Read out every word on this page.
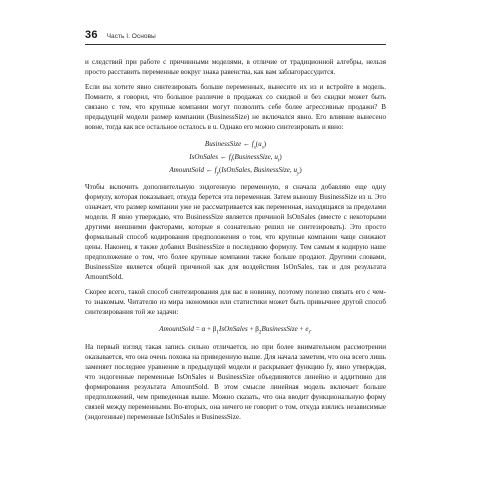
36 Часть I. Основы

и следствий при работе с причинными моделями, в отличие от традиционной алгебры, нельзя просто расставить переменные вокруг знака равенства, как вам заблагорассудится.

Если вы хотите явно синтезировать больше переменных, вынесите их из и встройте в модель. Помните, я говорил, что большое различие в продажах со скидкой и без скидки может быть связано с тем, что крупные компании могут позволить себе более агрессивные продажи? В предыдущей модели размер компании (BusinessSize) не включался явно. Его влияние вынесено вовне, тогда как все остальное осталось в u. Однако его можно синтезировать и явно:

BusinessSize ← $f_s(u_s)$
IsOnSales ← $f_t(BusinessSize$, $u_t$)
AmountSold ← $f_y(IsOnSales$, BusinessSize, $u_y$)

Чтобы включить дополнительную эндогенную переменную, я сначала добавляю еще одну формулу, которая показывает, откуда берется эта переменная. Затем выношу BusinessSize из u. Это означает, что размер компании уже не рассматривается как переменная, находящаяся за пределами модели. Я явно утверждаю, что BusinessSize является причиной IsOnSales (вместе с некоторыми другими внешними факторами, которые я сознательно решил не синтезировать). Это просто формальный способ кодирования предположения о том, что крупные компании чаще снижают цены. Наконец, я также добавил BusinessSize в последнюю формулу. Тем самым я кодирую наше предположение о том, что более крупные компании также больше продают. Другими словами, BusinessSize является общей причиной как для воздействия IsOnSales, так и для результата AmountSold.

Скорее всего, такой способ синтезирования для вас в новинку, поэтому полезно связать его с чем-то знакомым. Читателю из мира экономики или статистики может быть привычнее другой способ синтезирования той же задачи:

AmountSold = $\alpha + \beta_1IsOnSales$ + $\beta_2BusinessSize + e_i$.

На первый взгляд такая запись сильно отличается, но при более внимательном рассмотрении оказывается, что она очень похожа на приведенную выше. Для начала заметим, что она всего лишь заменяет последнее уравнение в предыдущей модели и раскрывает функцию fy, явно утверждая, что эндогенные переменные IsOnSales и BusinessSize объединяются линейно и аддитивно для формирования результата AmountSold. В этом смысле линейная модель включает больше предположений, чем приведенная выше. Можно сказать, что она вводит функциональную форму связей между переменными. Во-вторых, она ничего не говорит о том, откуда взялись независимые (эндогенные) переменные IsOnSales и BusinessSize.
